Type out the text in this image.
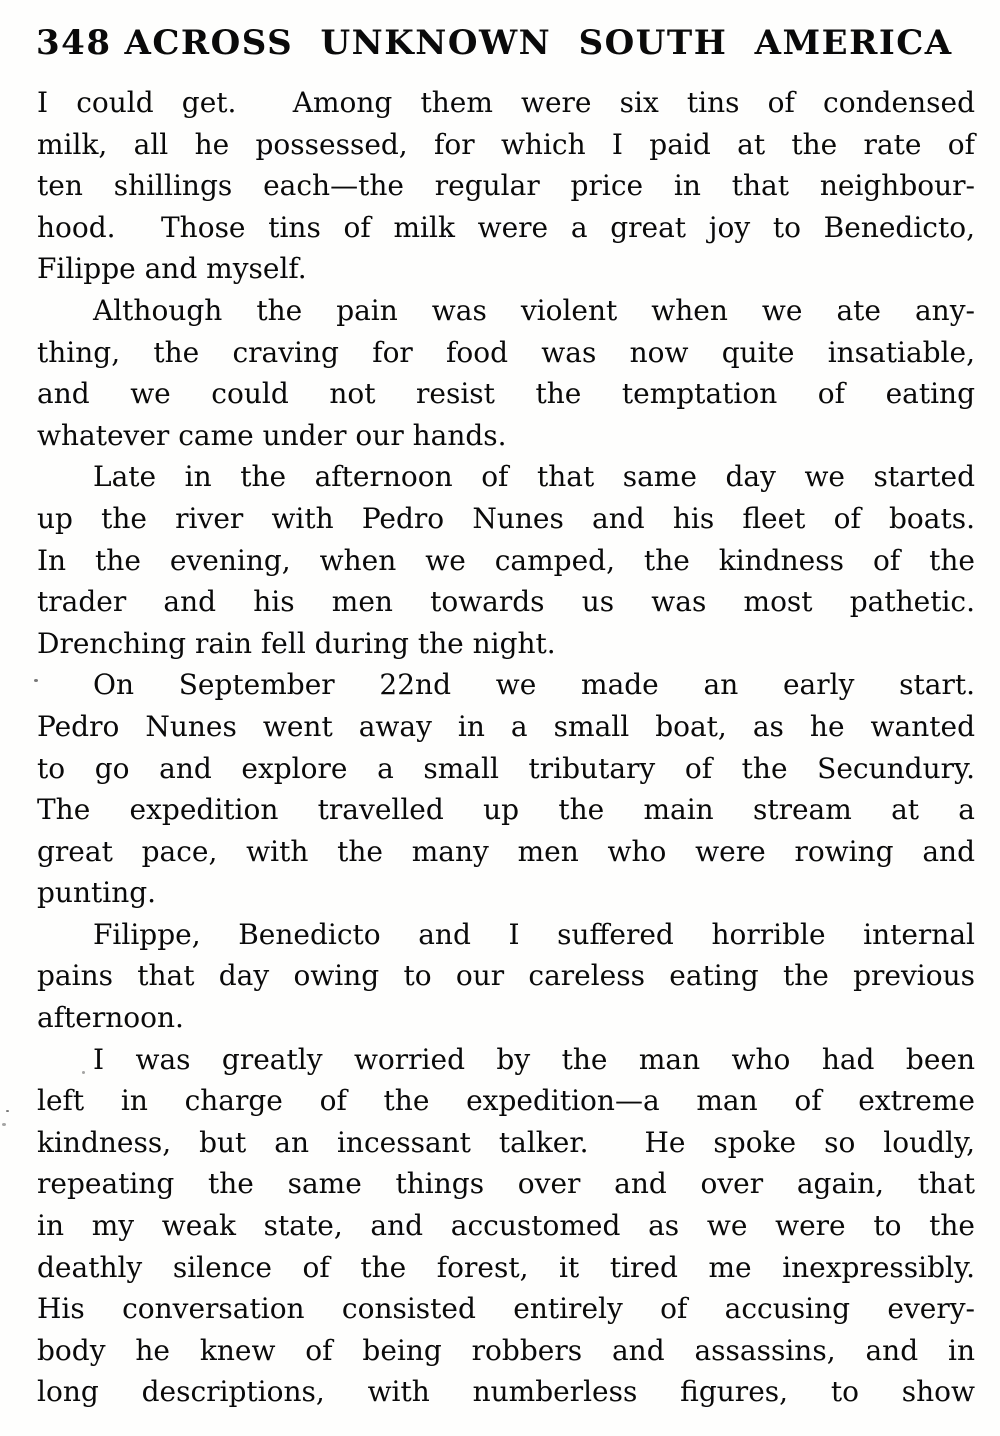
348 ACROSS UNKNOWN SOUTH AMERICA
I could get.  Among them were six tins of condensed
milk, all he possessed, for which I paid at the rate of
ten shillings each—the regular price in that neighbour-
hood.  Those tins of milk were a great joy to Benedicto,
Filippe and myself.
Although the pain was violent when we ate any-
thing, the craving for food was now quite insatiable,
and we could not resist the temptation of eating
whatever came under our hands.
Late in the afternoon of that same day we started
up the river with Pedro Nunes and his fleet of boats.
In the evening, when we camped, the kindness of the
trader and his men towards us was most pathetic.
Drenching rain fell during the night.
On September 22nd we made an early start.
Pedro Nunes went away in a small boat, as he wanted
to go and explore a small tributary of the Secundury.
The expedition travelled up the main stream at a
great pace, with the many men who were rowing and
punting.
Filippe, Benedicto and I suffered horrible internal
pains that day owing to our careless eating the previous
afternoon.
I was greatly worried by the man who had been
left in charge of the expedition—a man of extreme
kindness, but an incessant talker.  He spoke so loudly,
repeating the same things over and over again, that
in my weak state, and accustomed as we were to the
deathly silence of the forest, it tired me inexpressibly.
His conversation consisted entirely of accusing every-
body he knew of being robbers and assassins, and in
long descriptions, with numberless figures, to show
